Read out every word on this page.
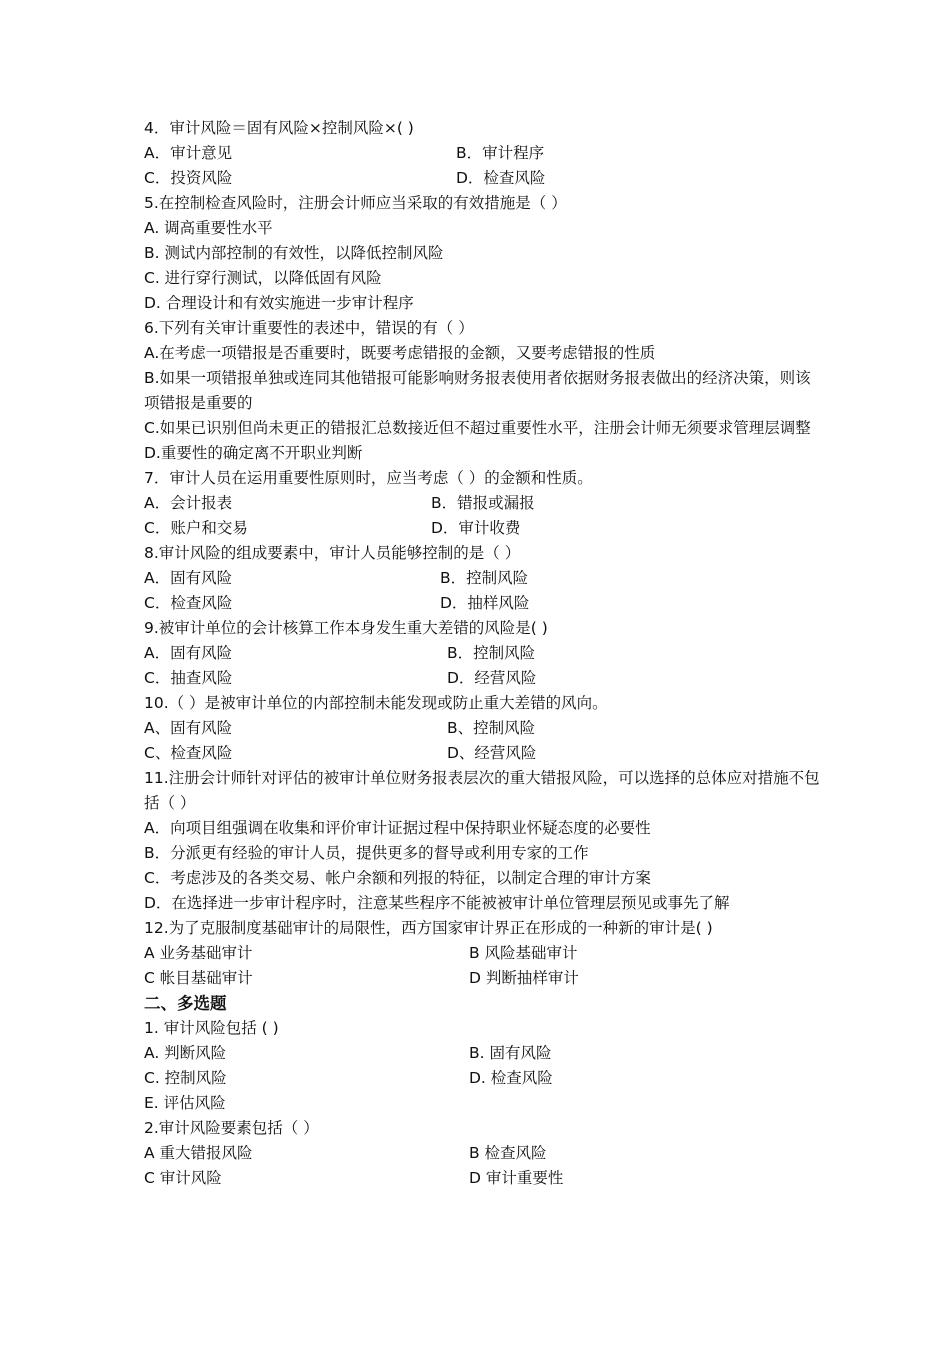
4．审计风险＝固有风险×控制风险×( )
A．审计意见	B．审计程序
C．投资风险	D．检查风险
5.在控制检查风险时，注册会计师应当采取的有效措施是（ ）
A. 调高重要性水平
B. 测试内部控制的有效性，以降低控制风险
C. 进行穿行测试，以降低固有风险
D. 合理设计和有效实施进一步审计程序
6.下列有关审计重要性的表述中，错误的有（ ）
A.在考虑一项错报是否重要时，既要考虑错报的金额，又要考虑错报的性质
B.如果一项错报单独或连同其他错报可能影响财务报表使用者依据财务报表做出的经济决策，则该项错报是重要的
C.如果已识别但尚未更正的错报汇总数接近但不超过重要性水平，注册会计师无须要求管理层调整
D.重要性的确定离不开职业判断
7．审计人员在运用重要性原则时，应当考虑（ ）的金额和性质。
A．会计报表	B．错报或漏报
C．账户和交易	D．审计收费
8.审计风险的组成要素中，审计人员能够控制的是（ ）
A．固有风险	B．控制风险
C．检查风险	D．抽样风险
9.被审计单位的会计核算工作本身发生重大差错的风险是( )
A．固有风险	B．控制风险
C．抽查风险	D．经营风险
10.（ ）是被审计单位的内部控制未能发现或防止重大差错的风向。
A、固有风险	B、控制风险
C、检查风险	D、经营风险
11.注册会计师针对评估的被审计单位财务报表层次的重大错报风险，可以选择的总体应对措施不包括（ ）
A．向项目组强调在收集和评价审计证据过程中保持职业怀疑态度的必要性
B．分派更有经验的审计人员，提供更多的督导或利用专家的工作
C．考虑涉及的各类交易、帐户余额和列报的特征，以制定合理的审计方案
D．在选择进一步审计程序时，注意某些程序不能被被审计单位管理层预见或事先了解
12.为了克服制度基础审计的局限性，西方国家审计界正在形成的一种新的审计是( )
A 业务基础审计	B 风险基础审计
C 帐目基础审计	D 判断抽样审计
二、多选题
1. 审计风险包括 ( )
A. 判断风险	B. 固有风险
C. 控制风险	D. 检查风险
E. 评估风险
2.审计风险要素包括（ ）
A 重大错报风险	B 检查风险
C 审计风险	D 审计重要性
